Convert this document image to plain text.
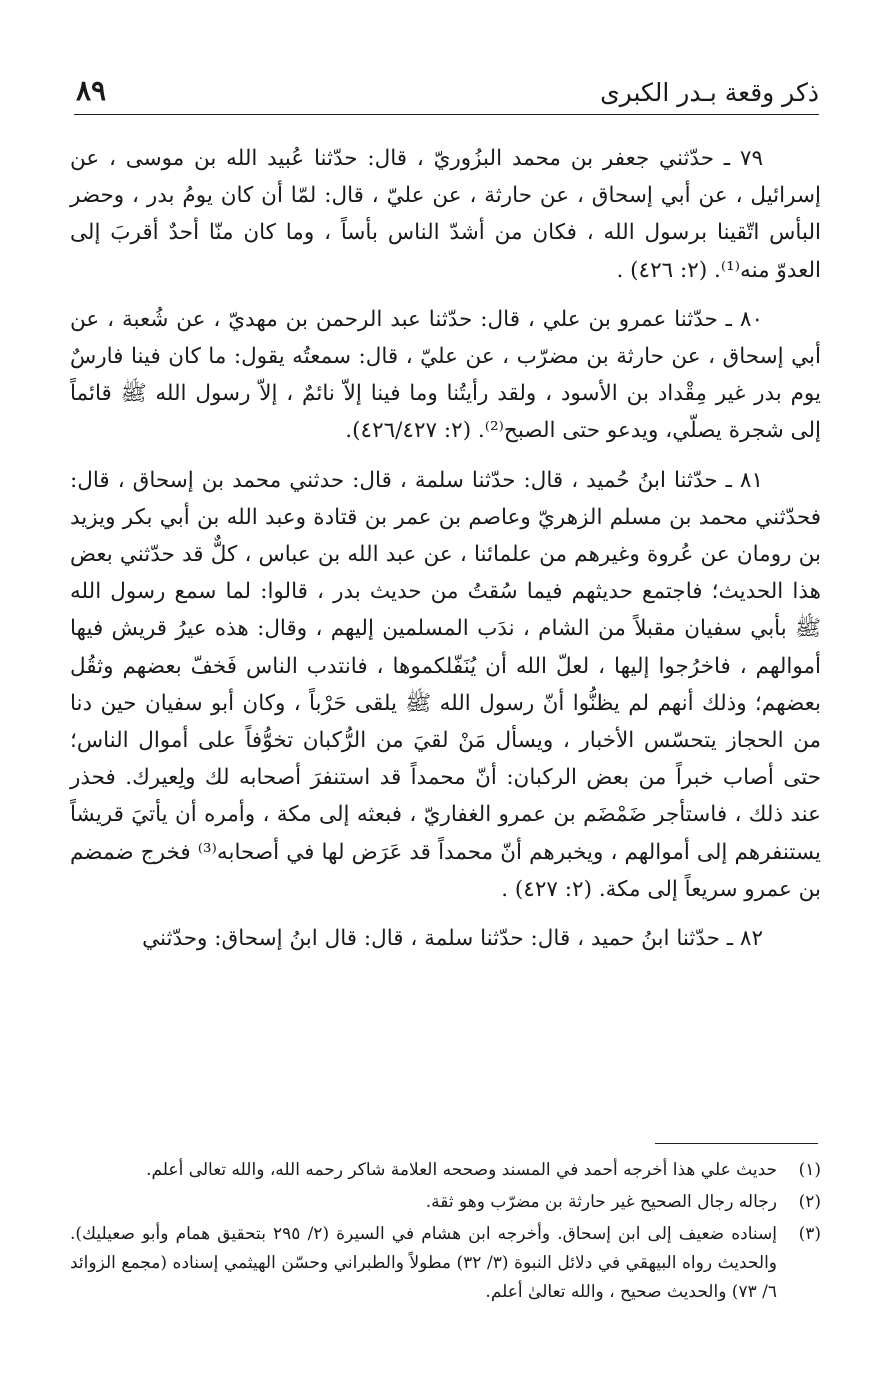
ذكر وقعة بـدر الكبرى
٨٩

٧٩ ـ حدّثني جعفر بن محمد البزُوريّ ، قال: حدّثنا عُبيد الله بن موسى ، عن إسرائيل ، عن أبي إسحاق ، عن حارثة ، عن عليّ ، قال: لمّا أن كان يومُ بدر ، وحضر البأس اتّقينا برسول الله ، فكان من أشدّ الناس بأساً ، وما كان منّا أحدٌ أقربَ إلى العدوّ منه⁽¹⁾. (٢: ٤٢٦) .

٨٠ ـ حدّثنا عمرو بن علي ، قال: حدّثنا عبد الرحمن بن مهديّ ، عن شُعبة ، عن أبي إسحاق ، عن حارثة بن مضرّب ، عن عليّ ، قال: سمعتُه يقول: ما كان فينا فارسٌ يوم بدر غير مِقْداد بن الأسود ، ولقد رأيتُنا وما فينا إلاّ نائمٌ ، إلاّ رسول الله ﷺ قائماً إلى شجرة يصلّي، ويدعو حتى الصبح⁽²⁾. (٢: ٤٢٦/٤٢٧).

٨١ ـ حدّثنا ابنُ حُميد ، قال: حدّثنا سلمة ، قال: حدثني محمد بن إسحاق ، قال: فحدّثني محمد بن مسلم الزهريّ وعاصم بن عمر بن قتادة وعبد الله بن أبي بكر ويزيد بن رومان عن عُروة وغيرهم من علمائنا ، عن عبد الله بن عباس ، كلٌّ قد حدّثني بعض هذا الحديث؛ فاجتمع حديثهم فيما سُقتُ من حديث بدر ، قالوا: لما سمع رسول الله ﷺ بأبي سفيان مقبلاً من الشام ، ندَب المسلمين إليهم ، وقال: هذه عيرُ قريش فيها أموالهم ، فاخرُجوا إليها ، لعلّ الله أن يُنَفّلكموها ، فانتدب الناس فَخفّ بعضهم وثقُل بعضهم؛ وذلك أنهم لم يظنُّوا أنّ رسول الله ﷺ يلقى حَرْباً ، وكان أبو سفيان حين دنا من الحجاز يتحسّس الأخبار ، ويسأل مَنْ لقيَ من الرُّكبان تخوُّفاً على أموال الناس؛ حتى أصاب خبراً من بعض الركبان: أنّ محمداً قد استنفرَ أصحابه لك ولِعيرك. فحذر عند ذلك ، فاستأجر ضَمْضَم بن عمرو الغفاريّ ، فبعثه إلى مكة ، وأمره أن يأتيَ قريشاً يستنفرهم إلى أموالهم ، ويخبرهم أنّ محمداً قد عَرَض لها في أصحابه⁽³⁾ فخرج ضمضم بن عمرو سريعاً إلى مكة. (٢: ٤٢٧) .

٨٢ ـ حدّثنا ابنُ حميد ، قال: حدّثنا سلمة ، قال: قال ابنُ إسحاق: وحدّثني

(١)
حديث علي هذا أخرجه أحمد في المسند وصححه العلامة شاكر رحمه الله، والله تعالى أعلم.
(٢)
رجاله رجال الصحيح غير حارثة بن مضرّب وهو ثقة.
(٣)
إسناده ضعيف إلى ابن إسحاق. وأخرجه ابن هشام في السيرة (٢/ ٢٩٥ بتحقيق همام وأبو صعيليك). والحديث رواه البيهقي في دلائل النبوة (٣/ ٣٢) مطولاً والطبراني وحسّن الهيثمي إسناده (مجمع الزوائد ٦/ ٧٣) والحديث صحيح ، والله تعالىٰ أعلم.
